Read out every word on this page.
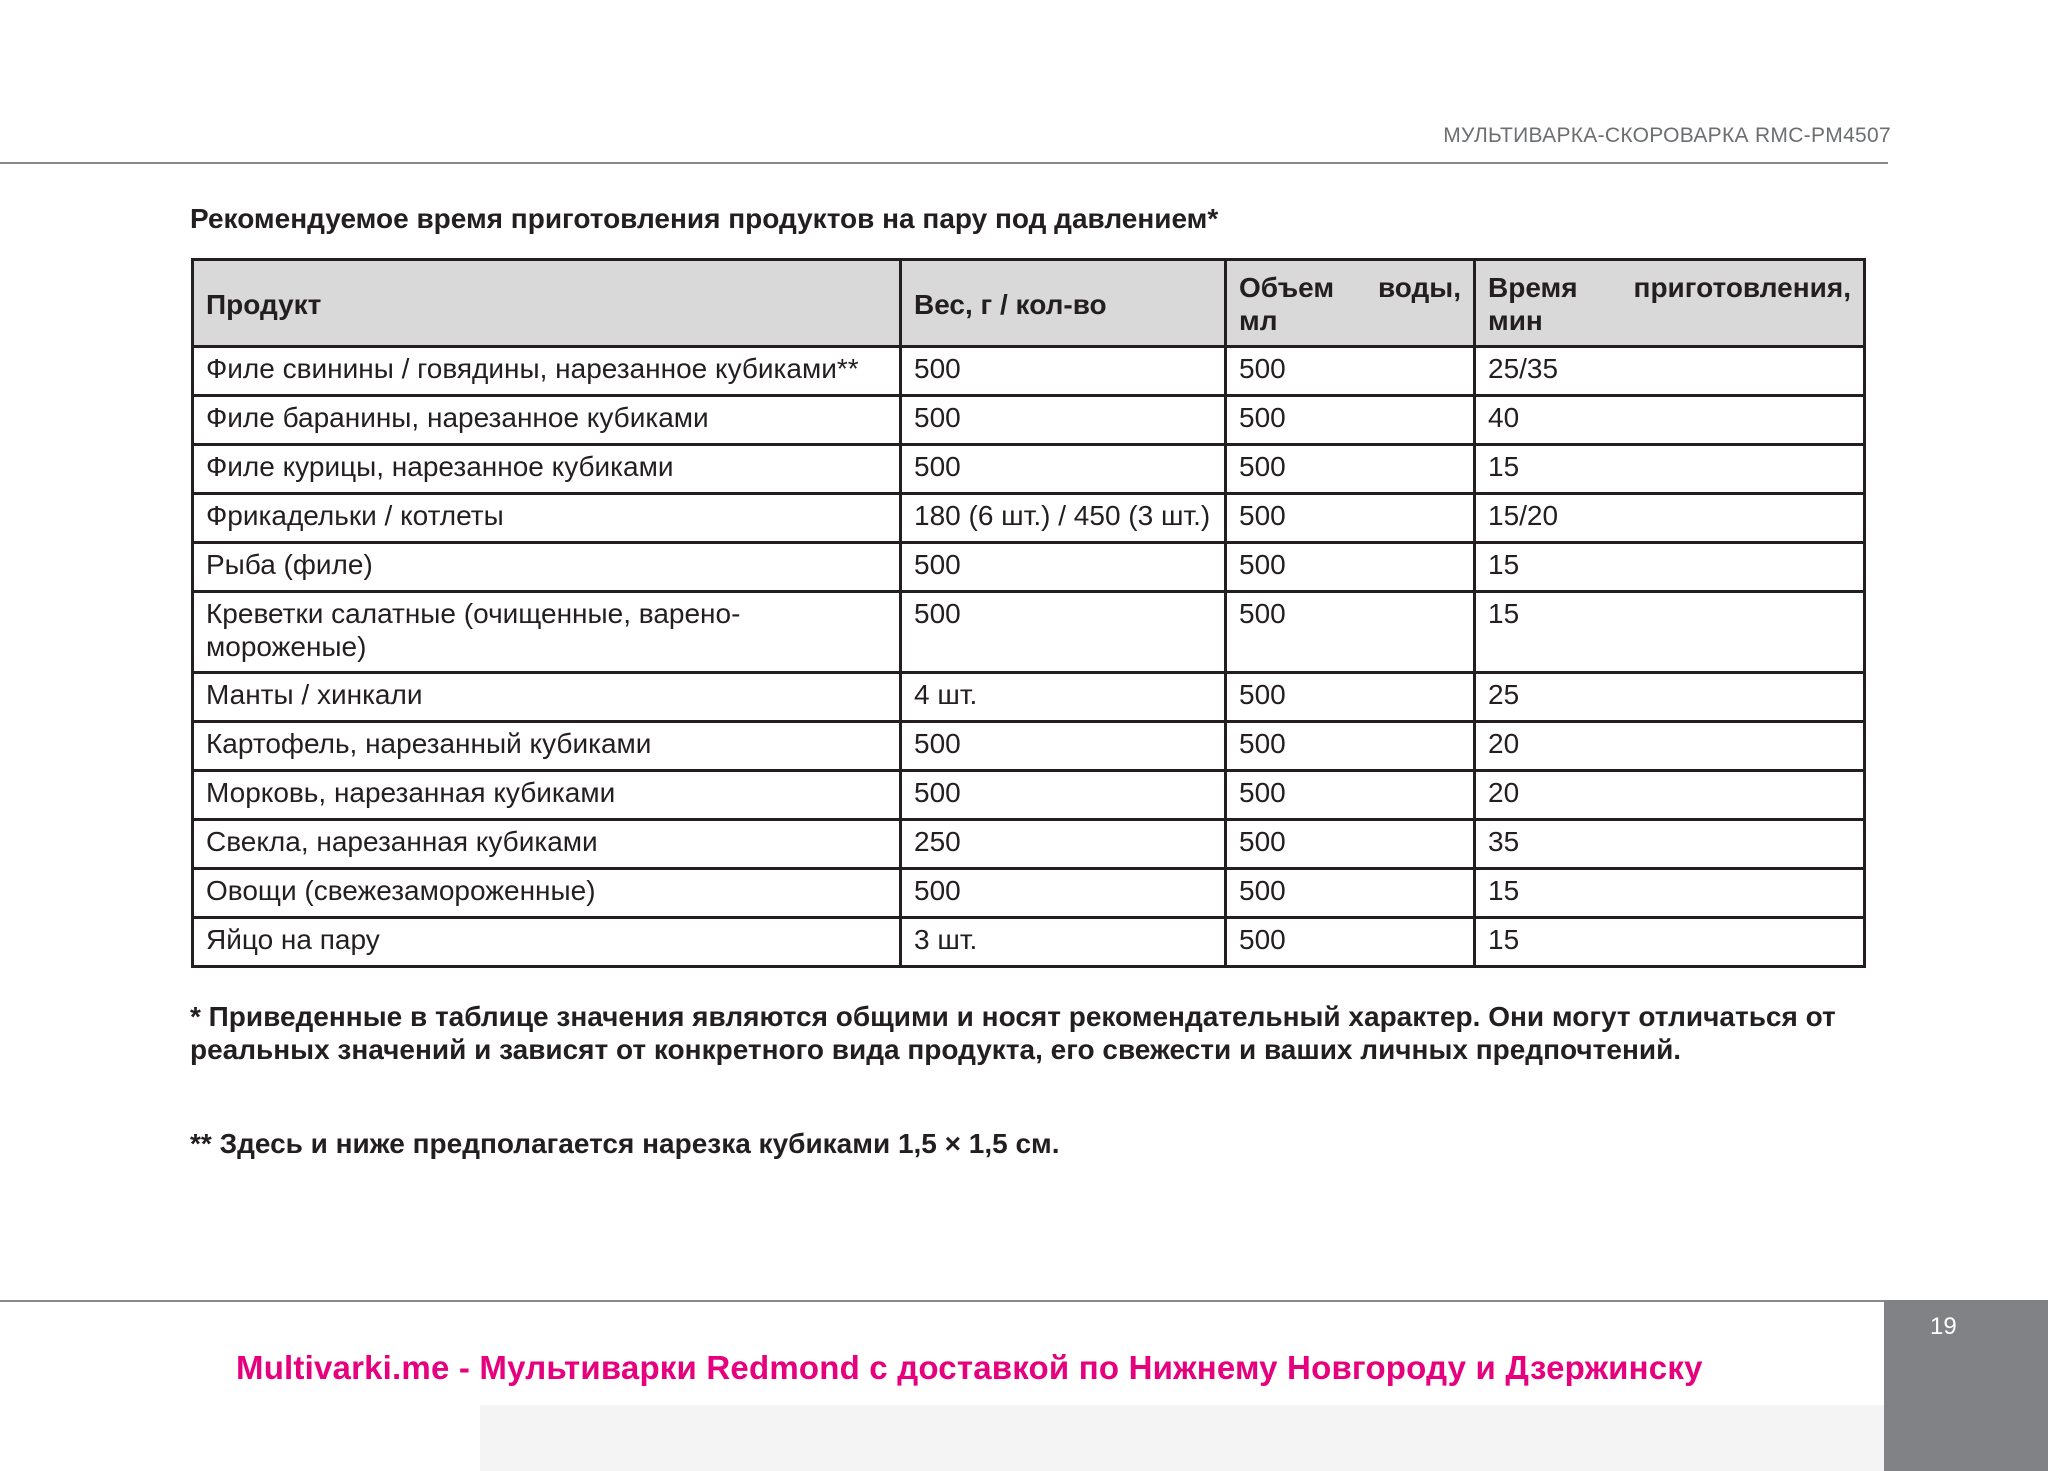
МУЛЬТИВАРКА-СКОРОВАРКА RMC-PM4507
Рекомендуемое время приготовления продуктов на пару под давлением*
Продукт	Вес, г / кол-во	Объем воды, мл	Время приготовления, мин
Филе свинины / говядины, нарезанное кубиками**	500	500	25/35
Филе баранины, нарезанное кубиками	500	500	40
Филе курицы, нарезанное кубиками	500	500	15
Фрикадельки / котлеты	180 (6 шт.) / 450 (3 шт.)	500	15/20
Рыба (филе)	500	500	15
Креветки салатные (очищенные, варено-мороженые)	500	500	15
Манты / хинкали	4 шт.	500	25
Картофель, нарезанный кубиками	500	500	20
Морковь, нарезанная кубиками	500	500	20
Свекла, нарезанная кубиками	250	500	35
Овощи (свежезамороженные)	500	500	15
Яйцо на пару	3 шт.	500	15
* Приведенные в таблице значения являются общими и носят рекомендательный характер. Они могут отличаться от реальных значений и зависят от конкретного вида продукта, его свежести и ваших личных предпочтений.
** Здесь и ниже предполагается нарезка кубиками 1,5 × 1,5 см.
19
Multivarki.me - Мультиварки Redmond с доставкой по Нижнему Новгороду и Дзержинску
